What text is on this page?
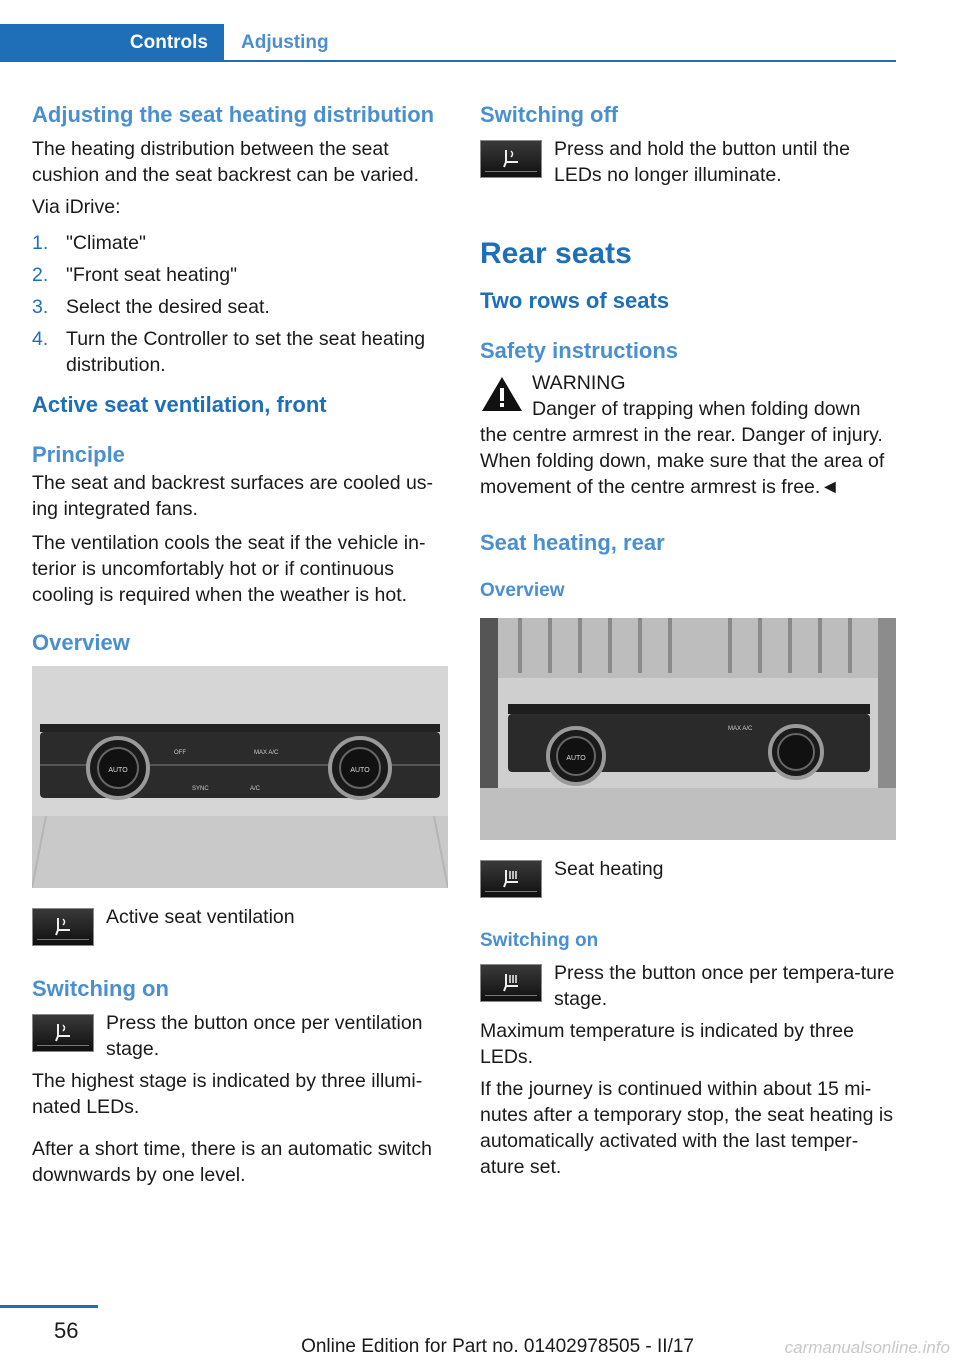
Controls	Adjusting
Adjusting the seat heating distribution

The heating distribution between the seat cushion and the seat backrest can be varied.

Via iDrive:

1. "Climate"
2. "Front seat heating"
3. Select the desired seat.
4. Turn the Controller to set the seat heating distribution.
Active seat ventilation, front
Principle

The seat and backrest surfaces are cooled us-ing integrated fans.

The ventilation cools the seat if the vehicle in-terior is uncomfortably hot or if continuous cooling is required when the weather is hot.

Overview
AUTO	AUTO
OFF	MAX A/C
SYNC	A/C

Active seat ventilation

Switching on

Press the button once per ventilation stage.

The highest stage is indicated by three illumi-nated LEDs.

After a short time, there is an automatic switch downwards by one level.

Switching off

Press and hold the button until the LEDs no longer illuminate.

Rear seats
Two rows of seats
Safety instructions

WARNING

Danger of trapping when folding down

the centre armrest in the rear. Danger of injury. When folding down, make sure that the area of movement of the centre armrest is free.◄

Seat heating, rear
Overview
AUTO
MAX A/C

Seat heating

Switching on

Press the button once per tempera-ture stage.

Maximum temperature is indicated by three LEDs.

If the journey is continued within about 15 mi-nutes after a temporary stop, the seat heating is automatically activated with the last temper-ature set.

56
Online Edition for Part no. 01402978505 - II/17	carmanualsonline.info
